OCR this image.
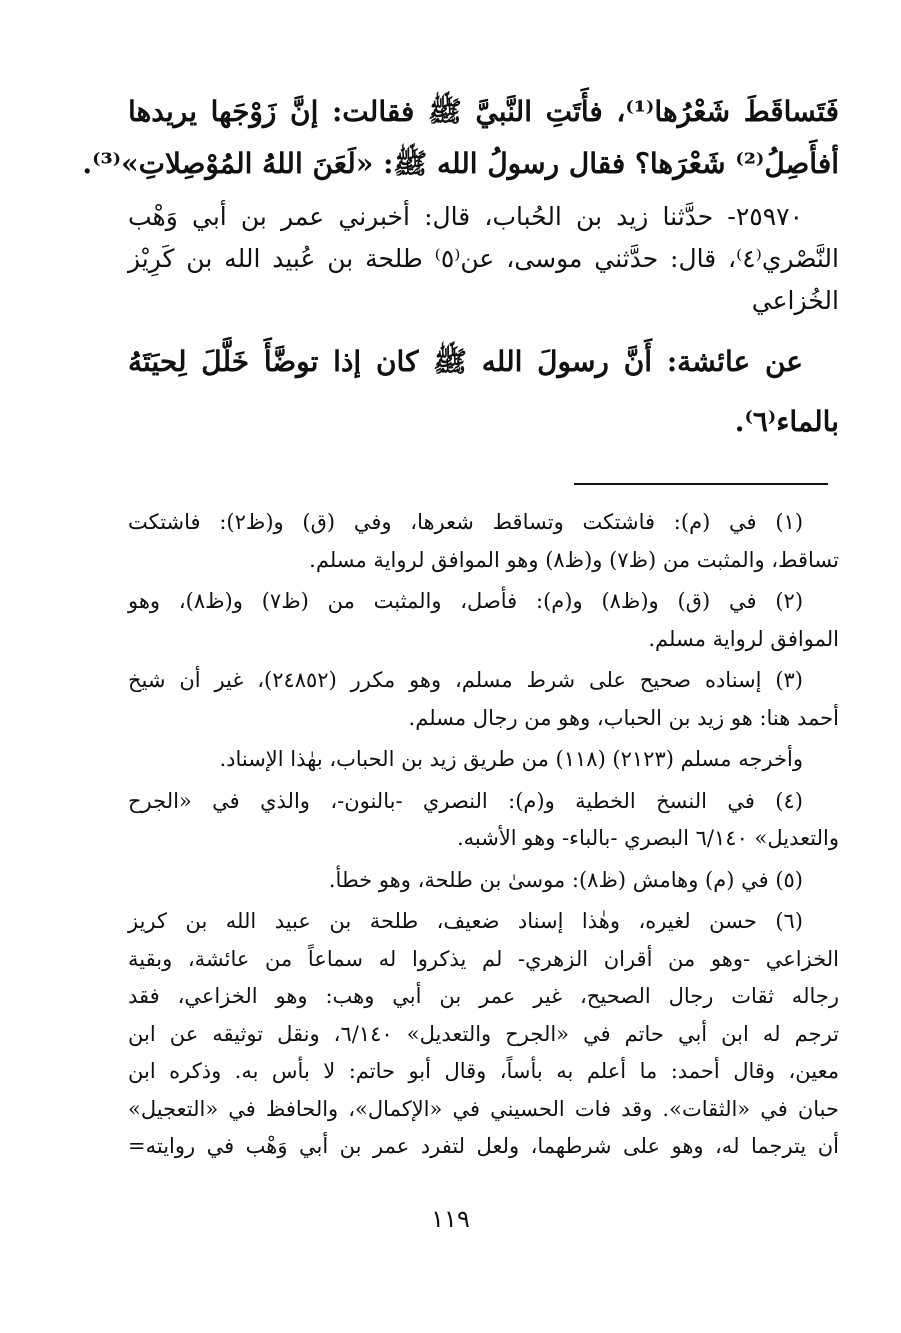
فَتَساقَطَ شَعْرُها⁽¹⁾، فأَتَتِ النَّبيَّ ﷺ فقالت: إنَّ زَوْجَها يريدها
أفأَصِلُ⁽²⁾ شَعْرَها؟ فقال رسولُ الله ﷺ: «لَعَنَ اللهُ المُوْصِلاتِ»⁽³⁾.
٢٥٩٧٠- حدَّثنا زيد بن الحُباب، قال: أخبرني عمر بن أبي وَهْب
النَّصْري⁽٤⁾، قال: حدَّثني موسى، عن⁽٥⁾ طلحة بن عُبيد الله بن كَرِيْز
الخُزاعي
عن عائشة: أَنَّ رسولَ الله ﷺ كان إذا توضَّأَ خَلَّلَ لِحيَتَهُ
بالماء⁽٦⁾.
(١) في (م): فاشتكت وتساقط شعرها، وفي (ق) و(ظ٢): فاشتكت
تساقط، والمثبت من (ظ٧) و(ظ٨) وهو الموافق لرواية مسلم.
(٢) في (ق) و(ظ٨) و(م): فأصل، والمثبت من (ظ٧) و(ظ٨)، وهو
الموافق لرواية مسلم.
(٣) إسناده صحيح على شرط مسلم، وهو مكرر (٢٤٨٥٢)، غير أن شيخ
أحمد هنا: هو زيد بن الحباب، وهو من رجال مسلم.
وأخرجه مسلم (٢١٢٣) (١١٨) من طريق زيد بن الحباب، بهٰذا الإسناد.
(٤) في النسخ الخطية و(م): النصري -بالنون-، والذي في «الجرح
والتعديل» ٦/١٤٠ البصري -بالباء- وهو الأشبه.
(٥) في (م) وهامش (ظ٨): موسىٰ بن طلحة، وهو خطأ.
(٦) حسن لغيره، وهٰذا إسناد ضعيف، طلحة بن عبيد الله بن كريز
الخزاعي -وهو من أقران الزهري- لم يذكروا له سماعاً من عائشة، وبقية
رجاله ثقات رجال الصحيح، غير عمر بن أبي وهب: وهو الخزاعي، فقد
ترجم له ابن أبي حاتم في «الجرح والتعديل» ٦/١٤٠، ونقل توثيقه عن ابن
معين، وقال أحمد: ما أعلم به بأساً، وقال أبو حاتم: لا بأس به. وذكره ابن
حبان في «الثقات». وقد فات الحسيني في «الإكمال»، والحافظ في «التعجيل»
أن يترجما له، وهو على شرطهما، ولعل لتفرد عمر بن أبي وَهْب في روايته=
١١٩
